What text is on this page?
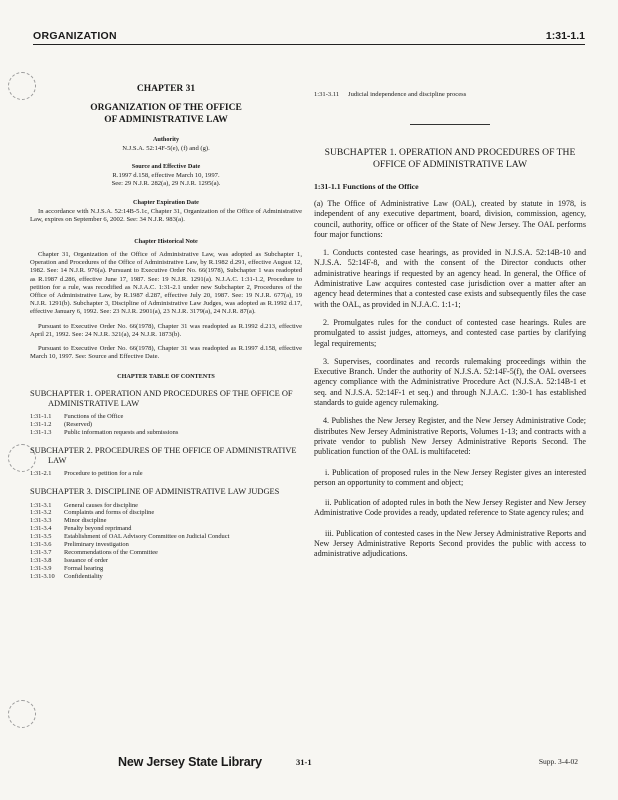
ORGANIZATION	1:31-1.1
CHAPTER 31
ORGANIZATION OF THE OFFICE
OF ADMINISTRATIVE LAW
Authority
N.J.S.A. 52:14F-5(e), (f) and (g).
Source and Effective Date
R.1997 d.158, effective March 10, 1997.
See: 29 N.J.R. 282(a), 29 N.J.R. 1295(a).
Chapter Expiration Date
In accordance with N.J.S.A. 52:14B-5.1c, Chapter 31, Organization of the Office of Administrative Law, expires on September 6, 2002. See: 34 N.J.R. 983(a).
Chapter Historical Note
Chapter 31, Organization of the Office of Administrative Law, was adopted as Subchapter 1, Operation and Procedures of the Office of Administrative Law, by R.1982 d.291, effective August 12, 1982. See: 14 N.J.R. 976(a). Pursuant to Executive Order No. 66(1978), Subchapter 1 was readopted as R.1987 d.286, effective June 17, 1987. See: 19 N.J.R. 1291(a). N.J.A.C. 1:31-1.2, Procedure to petition for a rule, was recodified as N.J.A.C. 1:31-2.1 under new Subchapter 2, Procedures of the Office of Administrative Law, by R.1987 d.287, effective July 20, 1987. See: 19 N.J.R. 677(a), 19 N.J.R. 1291(b). Subchapter 3, Discipline of Administrative Law Judges, was adopted as R.1992 d.17, effective January 6, 1992. See: 23 N.J.R. 2901(a), 23 N.J.R. 3179(a), 24 N.J.R. 87(a).
Pursuant to Executive Order No. 66(1978), Chapter 31 was readopted as R.1992 d.213, effective April 21, 1992. See: 24 N.J.R. 321(a), 24 N.J.R. 1873(b).
Pursuant to Executive Order No. 66(1978), Chapter 31 was readopted as R.1997 d.158, effective March 10, 1997. See: Source and Effective Date.
CHAPTER TABLE OF CONTENTS
SUBCHAPTER 1. OPERATION AND PROCEDURES OF THE OFFICE OF ADMINISTRATIVE LAW
1:31-1.1	Functions of the Office
1:31-1.2	(Reserved)
1:31-1.3	Public information requests and submissions
SUBCHAPTER 2. PROCEDURES OF THE OFFICE OF ADMINISTRATIVE LAW
1:31-2.1	Procedure to petition for a rule
SUBCHAPTER 3. DISCIPLINE OF ADMINISTRATIVE LAW JUDGES
1:31-3.1	General causes for discipline
1:31-3.2	Complaints and forms of discipline
1:31-3.3	Minor discipline
1:31-3.4	Penalty beyond reprimand
1:31-3.5	Establishment of OAL Advisory Committee on Judicial Conduct
1:31-3.6	Preliminary investigation
1:31-3.7	Recommendations of the Committee
1:31-3.8	Issuance of order
1:31-3.9	Formal hearing
1:31-3.10	Confidentiality
1:31-3.11	Judicial independence and discipline process
SUBCHAPTER 1. OPERATION AND PROCEDURES OF THE OFFICE OF ADMINISTRATIVE LAW
1:31-1.1 Functions of the Office
(a) The Office of Administrative Law (OAL), created by statute in 1978, is independent of any executive department, board, division, commission, agency, council, authority, office or officer of the State of New Jersey. The OAL performs four major functions:
1. Conducts contested case hearings, as provided in N.J.S.A. 52:14B-10 and N.J.S.A. 52:14F-8, and with the consent of the Director conducts other administrative hearings if requested by an agency head. In general, the Office of Administrative Law acquires contested case jurisdiction over a matter after an agency head determines that a contested case exists and subsequently files the case with the OAL, as provided in N.J.A.C. 1:1-1;
2. Promulgates rules for the conduct of contested case hearings. Rules are promulgated to assist judges, attorneys, and contested case parties by clarifying legal requirements;
3. Supervises, coordinates and records rulemaking proceedings within the Executive Branch. Under the authority of N.J.S.A. 52:14F-5(f), the OAL oversees agency compliance with the Administrative Procedure Act (N.J.S.A. 52:14B-1 et seq. and N.J.S.A. 52:14F-1 et seq.) and through N.J.A.C. 1:30-1 has established standards to guide agency rulemaking.
4. Publishes the New Jersey Register, and the New Jersey Administrative Code; distributes New Jersey Administrative Reports, Volumes 1-13; and contracts with a private vendor to publish New Jersey Administrative Reports Second. The publication function of the OAL is multifaceted:
i. Publication of proposed rules in the New Jersey Register gives an interested person an opportunity to comment and object;
ii. Publication of adopted rules in both the New Jersey Register and New Jersey Administrative Code provides a ready, updated reference to State agency rules; and
iii. Publication of contested cases in the New Jersey Administrative Reports and New Jersey Administrative Reports Second provides the public with access to administrative adjudications.
New Jersey State Library	31-1	Supp. 3-4-02
